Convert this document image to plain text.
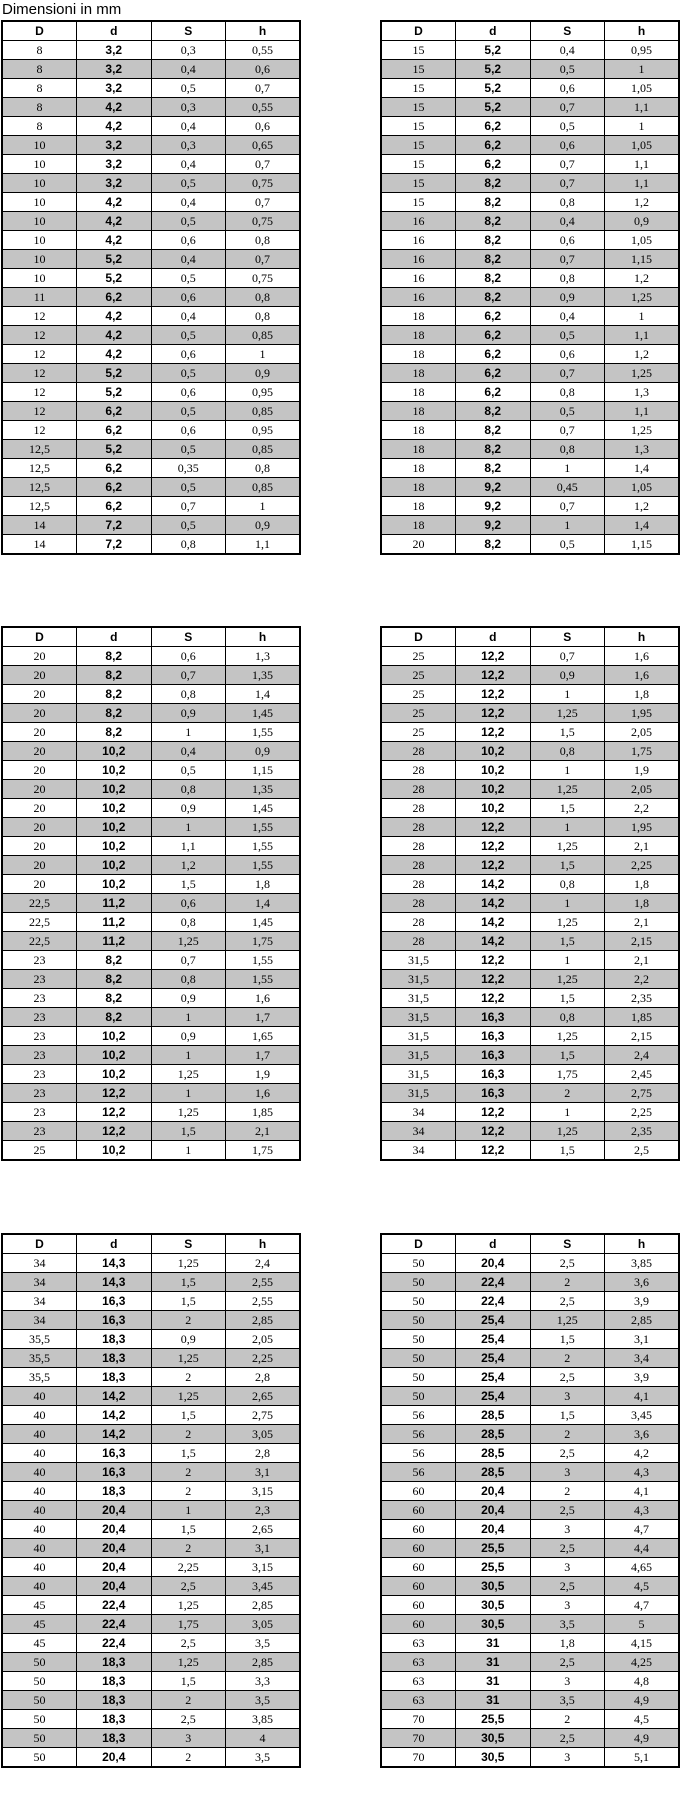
Dimensioni in mm
D	d	S	h
8	3,2	0,3	0,55
8	3,2	0,4	0,6
8	3,2	0,5	0,7
8	4,2	0,3	0,55
8	4,2	0,4	0,6
10	3,2	0,3	0,65
10	3,2	0,4	0,7
10	3,2	0,5	0,75
10	4,2	0,4	0,7
10	4,2	0,5	0,75
10	4,2	0,6	0,8
10	5,2	0,4	0,7
10	5,2	0,5	0,75
11	6,2	0,6	0,8
12	4,2	0,4	0,8
12	4,2	0,5	0,85
12	4,2	0,6	1
12	5,2	0,5	0,9
12	5,2	0,6	0,95
12	6,2	0,5	0,85
12	6,2	0,6	0,95
12,5	5,2	0,5	0,85
12,5	6,2	0,35	0,8
12,5	6,2	0,5	0,85
12,5	6,2	0,7	1
14	7,2	0,5	0,9
14	7,2	0,8	1,1
D	d	S	h
15	5,2	0,4	0,95
15	5,2	0,5	1
15	5,2	0,6	1,05
15	5,2	0,7	1,1
15	6,2	0,5	1
15	6,2	0,6	1,05
15	6,2	0,7	1,1
15	8,2	0,7	1,1
15	8,2	0,8	1,2
16	8,2	0,4	0,9
16	8,2	0,6	1,05
16	8,2	0,7	1,15
16	8,2	0,8	1,2
16	8,2	0,9	1,25
18	6,2	0,4	1
18	6,2	0,5	1,1
18	6,2	0,6	1,2
18	6,2	0,7	1,25
18	6,2	0,8	1,3
18	8,2	0,5	1,1
18	8,2	0,7	1,25
18	8,2	0,8	1,3
18	8,2	1	1,4
18	9,2	0,45	1,05
18	9,2	0,7	1,2
18	9,2	1	1,4
20	8,2	0,5	1,15
D	d	S	h
20	8,2	0,6	1,3
20	8,2	0,7	1,35
20	8,2	0,8	1,4
20	8,2	0,9	1,45
20	8,2	1	1,55
20	10,2	0,4	0,9
20	10,2	0,5	1,15
20	10,2	0,8	1,35
20	10,2	0,9	1,45
20	10,2	1	1,55
20	10,2	1,1	1,55
20	10,2	1,2	1,55
20	10,2	1,5	1,8
22,5	11,2	0,6	1,4
22,5	11,2	0,8	1,45
22,5	11,2	1,25	1,75
23	8,2	0,7	1,55
23	8,2	0,8	1,55
23	8,2	0,9	1,6
23	8,2	1	1,7
23	10,2	0,9	1,65
23	10,2	1	1,7
23	10,2	1,25	1,9
23	12,2	1	1,6
23	12,2	1,25	1,85
23	12,2	1,5	2,1
25	10,2	1	1,75
D	d	S	h
25	12,2	0,7	1,6
25	12,2	0,9	1,6
25	12,2	1	1,8
25	12,2	1,25	1,95
25	12,2	1,5	2,05
28	10,2	0,8	1,75
28	10,2	1	1,9
28	10,2	1,25	2,05
28	10,2	1,5	2,2
28	12,2	1	1,95
28	12,2	1,25	2,1
28	12,2	1,5	2,25
28	14,2	0,8	1,8
28	14,2	1	1,8
28	14,2	1,25	2,1
28	14,2	1,5	2,15
31,5	12,2	1	2,1
31,5	12,2	1,25	2,2
31,5	12,2	1,5	2,35
31,5	16,3	0,8	1,85
31,5	16,3	1,25	2,15
31,5	16,3	1,5	2,4
31,5	16,3	1,75	2,45
31,5	16,3	2	2,75
34	12,2	1	2,25
34	12,2	1,25	2,35
34	12,2	1,5	2,5
D	d	S	h
34	14,3	1,25	2,4
34	14,3	1,5	2,55
34	16,3	1,5	2,55
34	16,3	2	2,85
35,5	18,3	0,9	2,05
35,5	18,3	1,25	2,25
35,5	18,3	2	2,8
40	14,2	1,25	2,65
40	14,2	1,5	2,75
40	14,2	2	3,05
40	16,3	1,5	2,8
40	16,3	2	3,1
40	18,3	2	3,15
40	20,4	1	2,3
40	20,4	1,5	2,65
40	20,4	2	3,1
40	20,4	2,25	3,15
40	20,4	2,5	3,45
45	22,4	1,25	2,85
45	22,4	1,75	3,05
45	22,4	2,5	3,5
50	18,3	1,25	2,85
50	18,3	1,5	3,3
50	18,3	2	3,5
50	18,3	2,5	3,85
50	18,3	3	4
50	20,4	2	3,5
D	d	S	h
50	20,4	2,5	3,85
50	22,4	2	3,6
50	22,4	2,5	3,9
50	25,4	1,25	2,85
50	25,4	1,5	3,1
50	25,4	2	3,4
50	25,4	2,5	3,9
50	25,4	3	4,1
56	28,5	1,5	3,45
56	28,5	2	3,6
56	28,5	2,5	4,2
56	28,5	3	4,3
60	20,4	2	4,1
60	20,4	2,5	4,3
60	20,4	3	4,7
60	25,5	2,5	4,4
60	25,5	3	4,65
60	30,5	2,5	4,5
60	30,5	3	4,7
60	30,5	3,5	5
63	31	1,8	4,15
63	31	2,5	4,25
63	31	3	4,8
63	31	3,5	4,9
70	25,5	2	4,5
70	30,5	2,5	4,9
70	30,5	3	5,1
